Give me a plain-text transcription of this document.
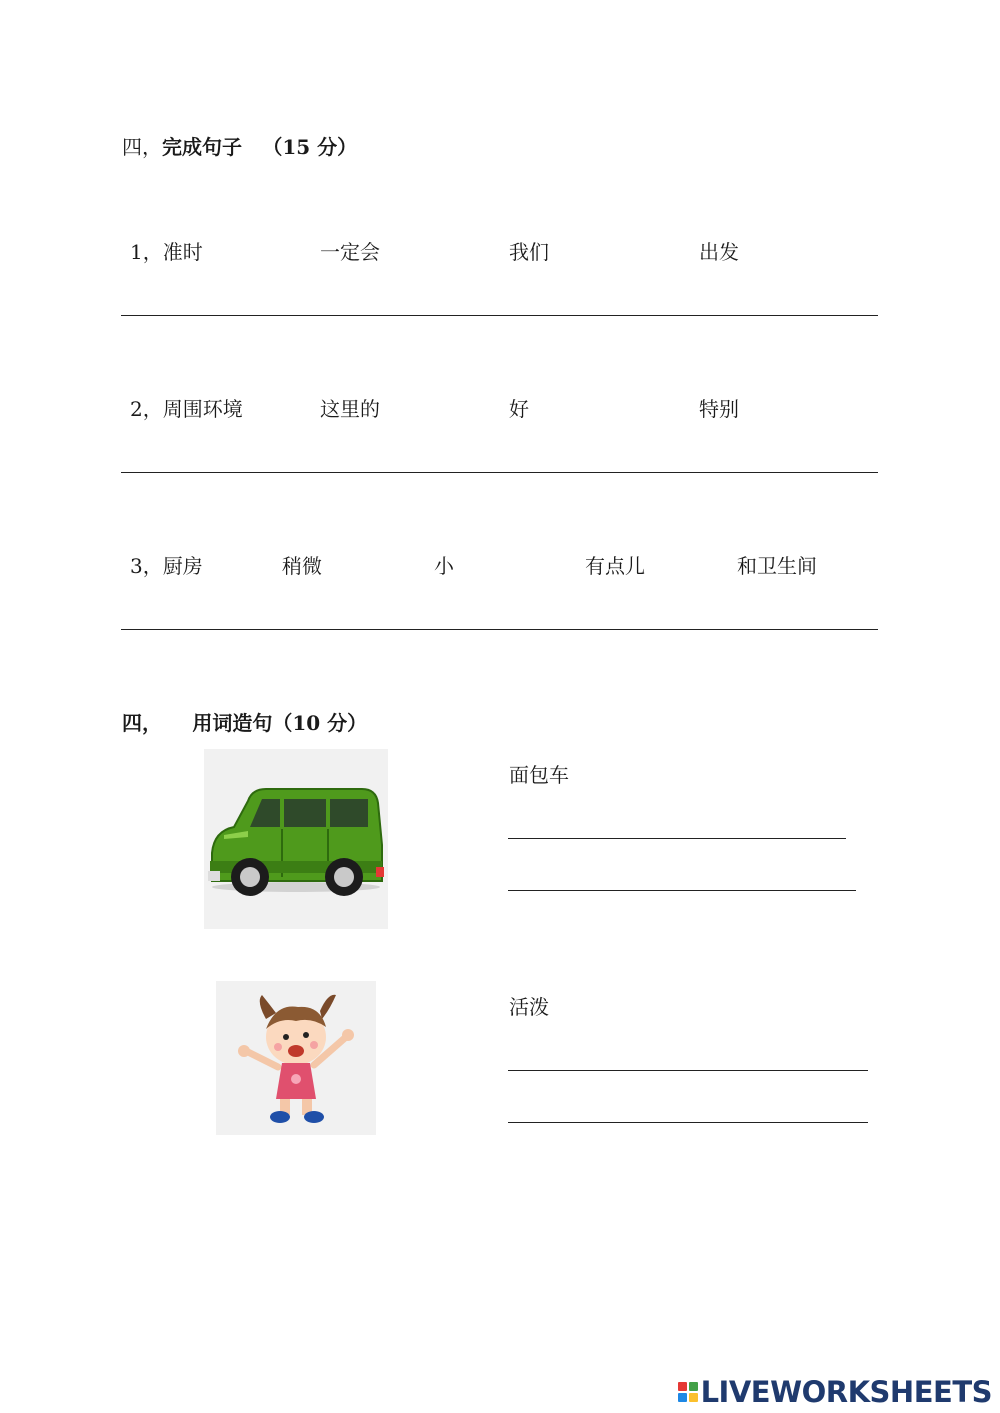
四，完成句子 （15 分）
1，准时	一定会	我们	出发
2，周围环境	这里的	好	特别
3，厨房	稍微	小	有点儿	和卫生间
四， 用词造句（10 分）
面包车
活泼
LIVEWORKSHEETS
